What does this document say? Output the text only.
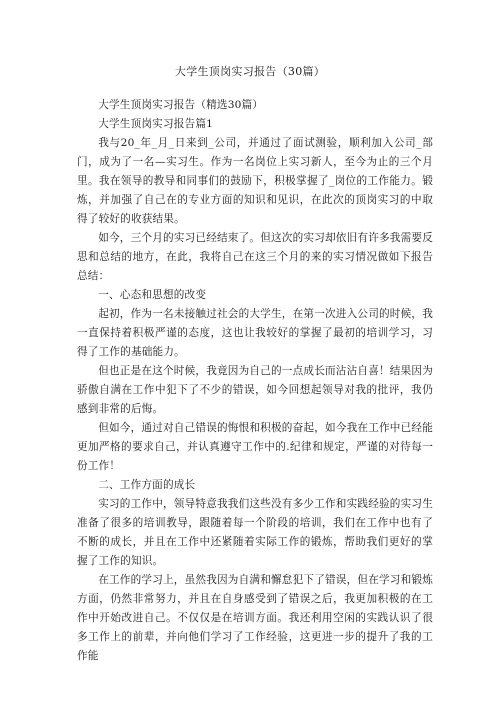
大学生顶岗实习报告（30篇）

大学生顶岗实习报告（精选30篇）

大学生顶岗实习报告篇1

我与20_年_月_日来到_公司，并通过了面试测验，顺利加入公司_部门，成为了一名—实习生。作为一名岗位上实习新人，至今为止的三个月里。我在领导的教导和同事们的鼓励下，积极掌握了_岗位的工作能力。锻炼，并加强了自己在的专业方面的知识和见识，在此次的顶岗实习的中取得了较好的收获结果。

如今，三个月的实习已经结束了。但这次的实习却依旧有许多我需要反思和总结的地方，在此，我将自己在这三个月的来的实习情况做如下报告总结：

一、心态和思想的改变

起初，作为一名未接触过社会的大学生，在第一次进入公司的时候，我一直保持着积极严谨的态度，这也让我较好的掌握了最初的培训学习，习得了工作的基础能力。

但也正是在这个时候，我竟因为自己的一点成长而沾沾自喜！结果因为骄傲自满在工作中犯下了不少的错误，如今回想起领导对我的批评，我仍感到非常的后悔。

但如今，通过对自己错误的悔恨和积极的奋起，如今我在工作中已经能更加严格的要求自己，并认真遵守工作中的.纪律和规定，严谨的对待每一份工作！

二、工作方面的成长

实习的工作中，领导特意我我们这些没有多少工作和实践经验的实习生准备了很多的培训教导，跟随着每一个阶段的培训，我们在工作中也有了不断的成长，并且在工作中还紧随着实际工作的锻炼，帮助我们更好的掌握了工作的知识。

在工作的学习上，虽然我因为自满和懈怠犯下了错误，但在学习和锻炼方面，仍然非常努力，并且在自身感受到了错误之后，我更加积极的在工作中开始改进自己。不仅仅是在培训方面。我还利用空闲的实践认识了很多工作上的前辈，并向他们学习了工作经验，这更进一步的提升了我的工作能
